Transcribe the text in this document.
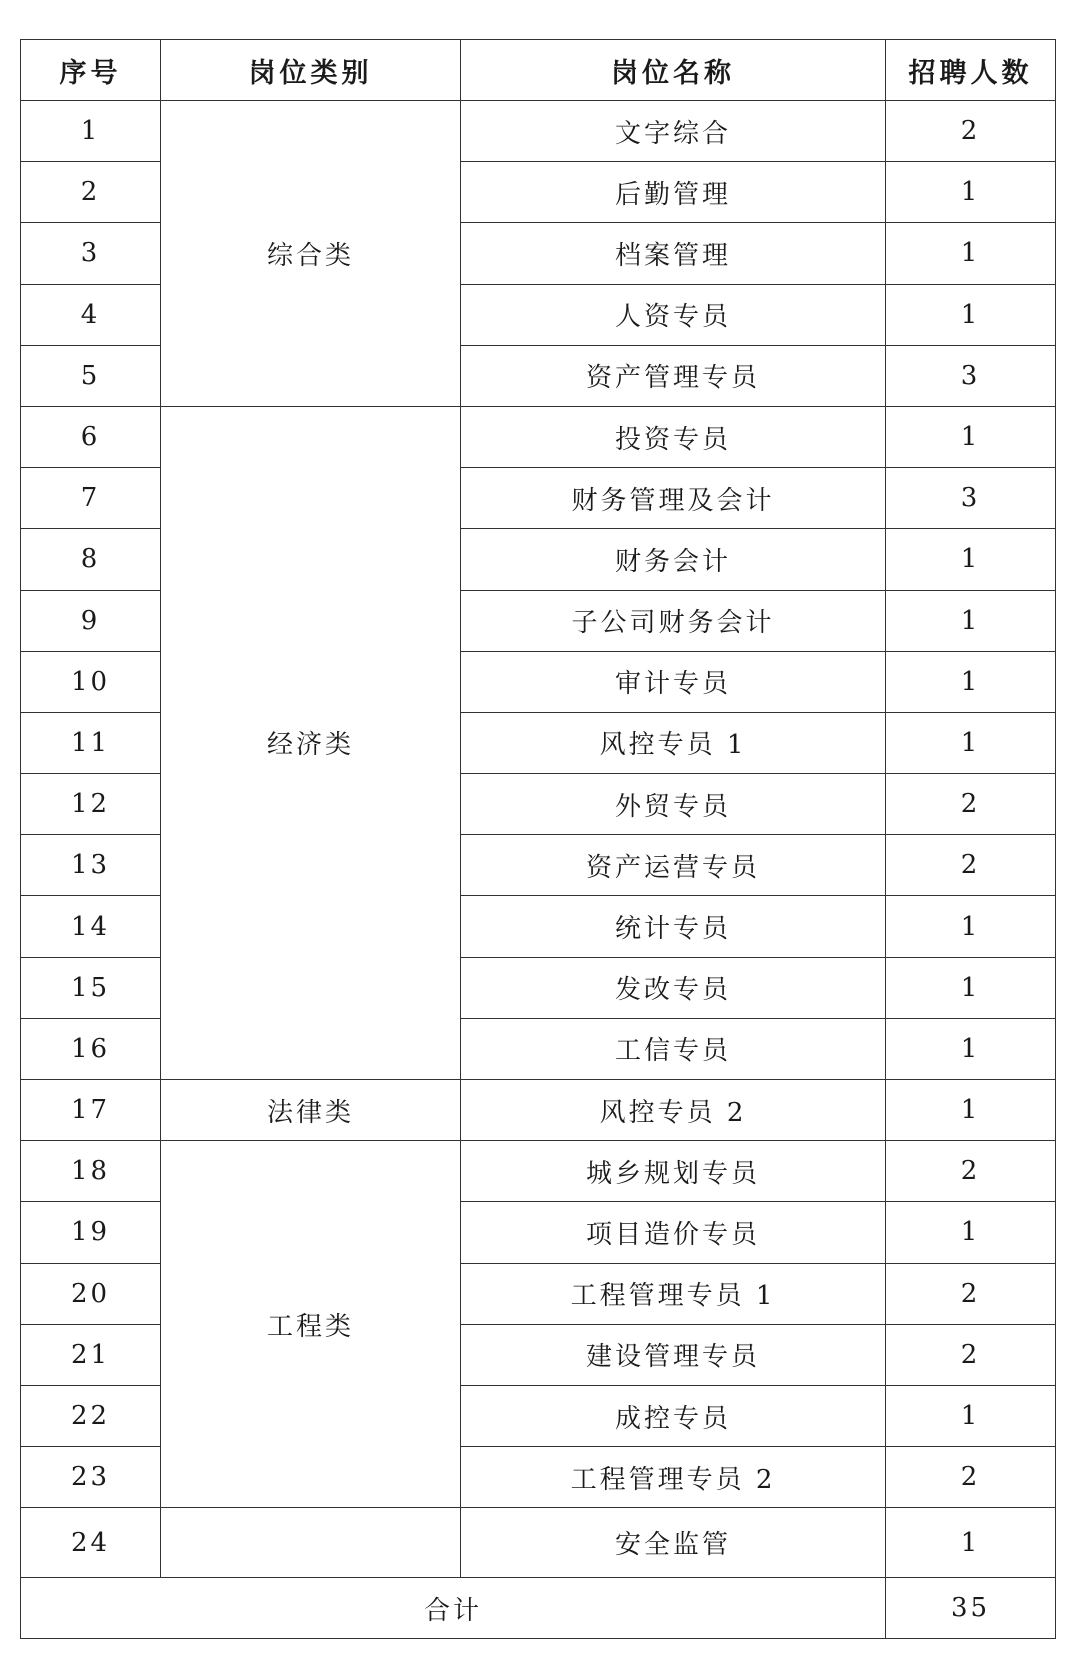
序号	岗位类别	岗位名称	招聘人数
1	综合类	文字综合	2
2		后勤管理	1
3		档案管理	1
4		人资专员	1
5		资产管理专员	3
6	经济类	投资专员	1
7		财务管理及会计	3
8		财务会计	1
9		子公司财务会计	1
10		审计专员	1
11		风控专员 1	1
12		外贸专员	2
13		资产运营专员	2
14		统计专员	1
15		发改专员	1
16		工信专员	1
17	法律类	风控专员 2	1
18	工程类	城乡规划专员	2
19		项目造价专员	1
20		工程管理专员 1	2
21		建设管理专员	2
22		成控专员	1
23		工程管理专员 2	2
24		安全监管	1
合计			35
